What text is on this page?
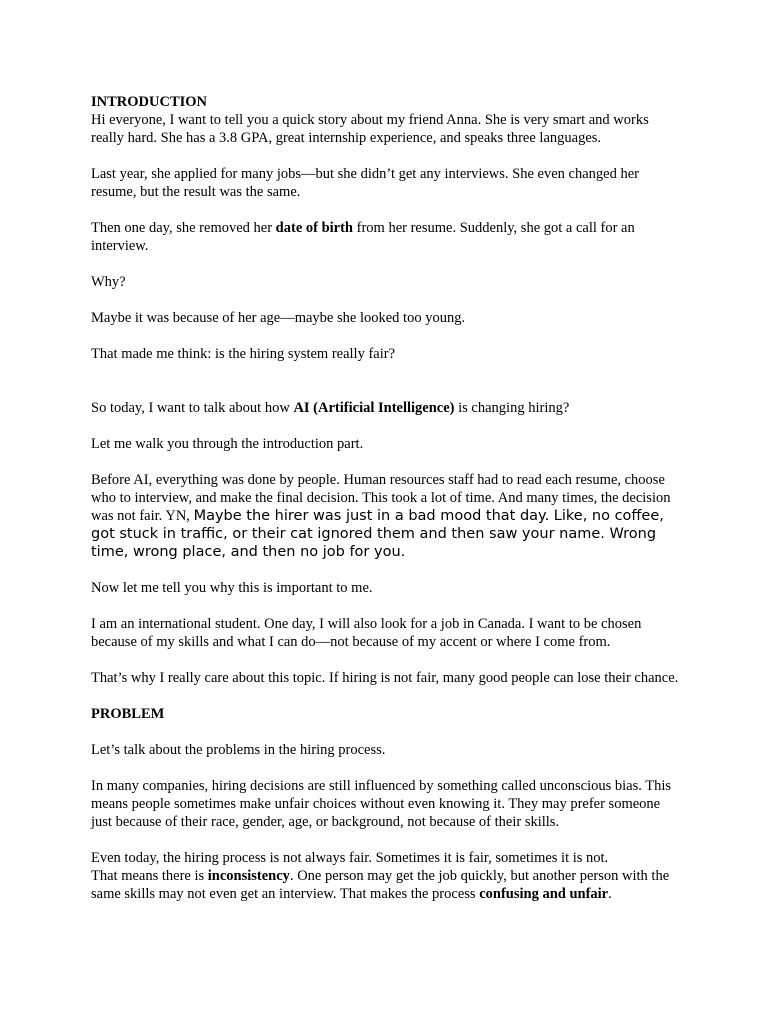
INTRODUCTION

Hi everyone, I want to tell you a quick story about my friend Anna. She is very smart and works really hard. She has a 3.8 GPA, great internship experience, and speaks three languages.

Last year, she applied for many jobs—but she didn’t get any interviews. She even changed her resume, but the result was the same.

Then one day, she removed her date of birth from her resume. Suddenly, she got a call for an interview.

Why?

Maybe it was because of her age—maybe she looked too young.

That made me think: is the hiring system really fair?

So today, I want to talk about how AI (Artificial Intelligence) is changing hiring?

Let me walk you through the introduction part.

Before AI, everything was done by people. Human resources staff had to read each resume, choose who to interview, and make the final decision. This took a lot of time. And many times, the decision was not fair. YN, Maybe the hirer was just in a bad mood that day. Like, no coffee, got stuck in traffic, or their cat ignored them and then saw your name. Wrong time, wrong place, and then no job for you.

Now let me tell you why this is important to me.

I am an international student. One day, I will also look for a job in Canada. I want to be chosen because of my skills and what I can do—not because of my accent or where I come from.

That’s why I really care about this topic. If hiring is not fair, many good people can lose their chance.

PROBLEM

Let’s talk about the problems in the hiring process.

In many companies, hiring decisions are still influenced by something called unconscious bias. This means people sometimes make unfair choices without even knowing it. They may prefer someone just because of their race, gender, age, or background, not because of their skills.

Even today, the hiring process is not always fair. Sometimes it is fair, sometimes it is not.

That means there is inconsistency. One person may get the job quickly, but another person with the same skills may not even get an interview. That makes the process confusing and unfair.
